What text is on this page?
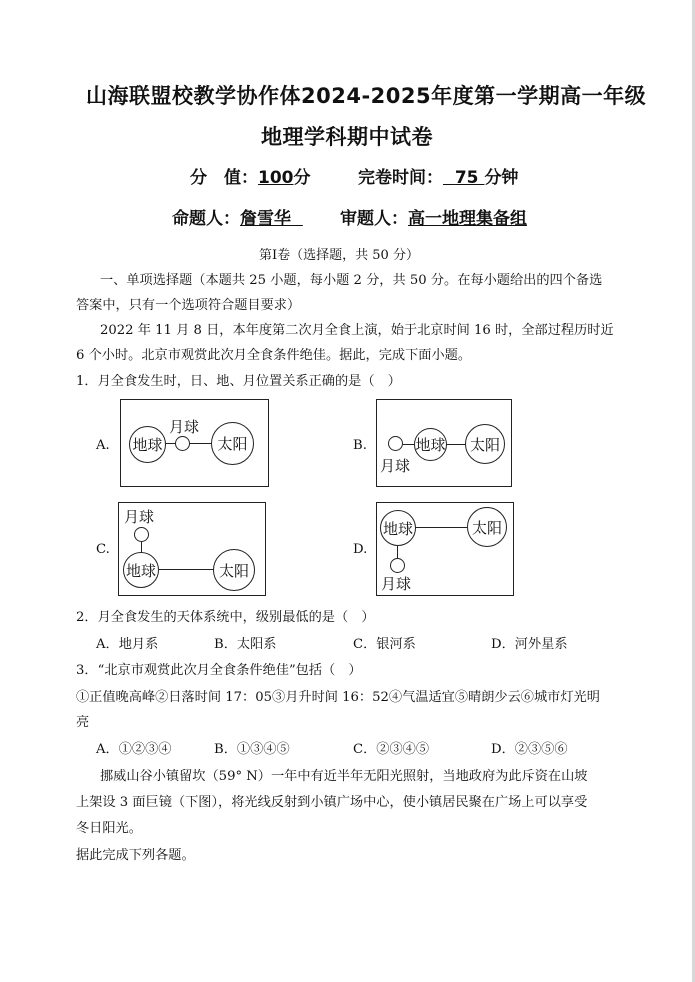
山海联盟校教学协作体2024-2025年度第一学期高一年级
地理学科期中试卷
分　值：100分	完卷时间： 75 分钟
命题人：詹雪华	审题人：高一地理集备组
第Ⅰ卷（选择题，共 50 分）
一、单项选择题（本题共 25 小题，每小题 2 分，共 50 分。在每小题给出的四个备选
答案中，只有一个选项符合题目要求）
2022 年 11 月 8 日，本年度第二次月全食上演，始于北京时间 16 时，全部过程历时近
6 个小时。北京市观赏此次月全食条件绝佳。据此，完成下面小题。
1．月全食发生时，日、地、月位置关系正确的是（　）
A. 地球
月球
太阳	B.
月球
地球 太阳
C.
月球
地球	太阳
D.
地球	太阳
月球
2．月全食发生的天体系统中，级别最低的是（　）
A．地月系	B．太阳系	C．银河系	D．河外星系
3．“北京市观赏此次月全食条件绝佳”包括（　）
①正值晚高峰②日落时间 17：05③月升时间 16：52④气温适宜⑤晴朗少云⑥城市灯光明
亮
A．①②③④	B．①③④⑤	C．②③④⑤	D．②③⑤⑥
挪威山谷小镇留坎（59° N）一年中有近半年无阳光照射，当地政府为此斥资在山坡
上架设 3 面巨镜（下图），将光线反射到小镇广场中心，使小镇居民聚在广场上可以享受
冬日阳光。
据此完成下列各题。
